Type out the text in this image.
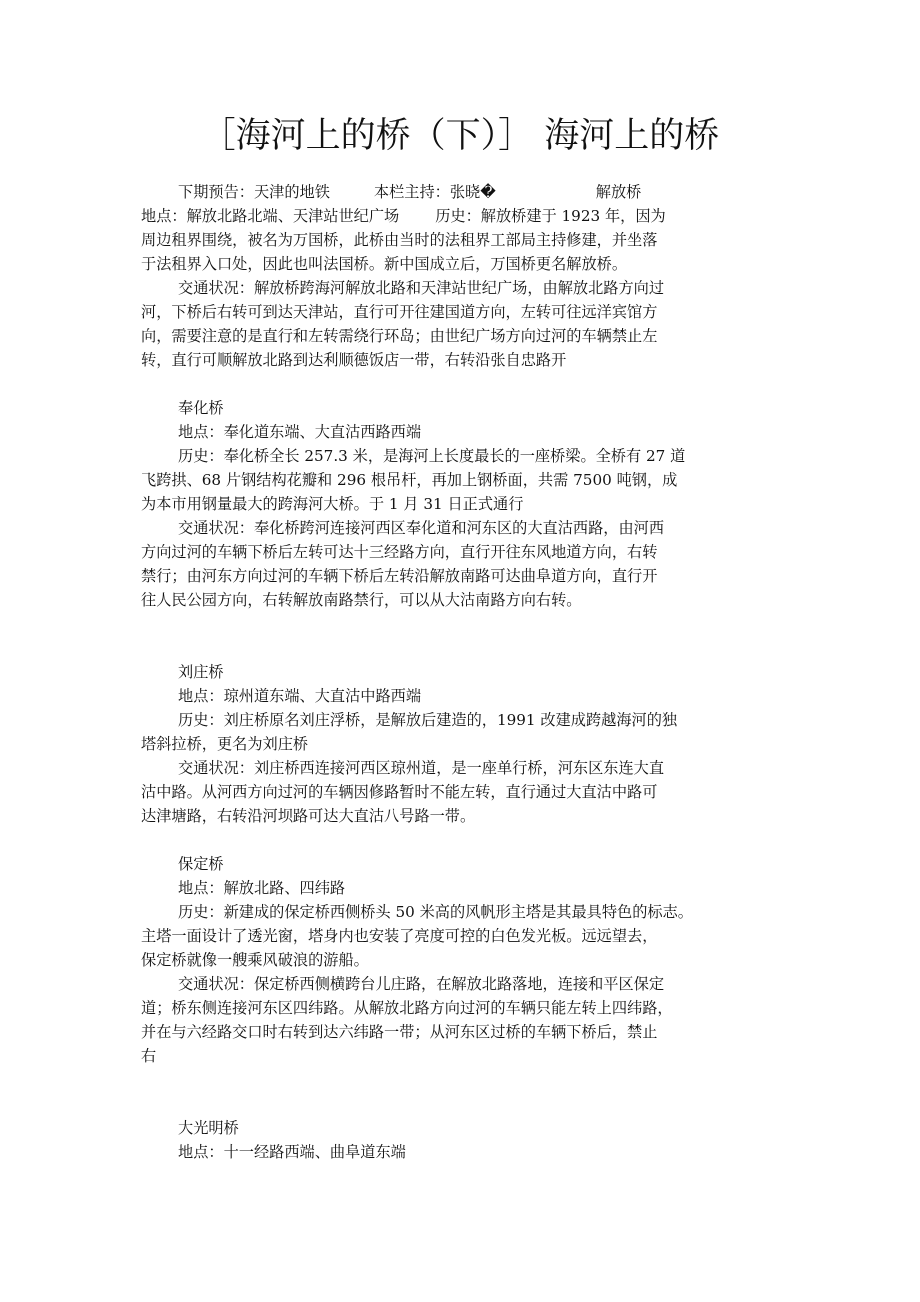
［海河上的桥（下）］ 海河上的桥
下期预告：天津的地铁	本栏主持：张晓�	解放桥
地点：解放北路北端、天津站世纪广场 历史：解放桥建于 1923 年，因为
周边租界围绕，被名为万国桥，此桥由当时的法租界工部局主持修建，并坐落
于法租界入口处，因此也叫法国桥。新中国成立后，万国桥更名解放桥。
交通状况：解放桥跨海河解放北路和天津站世纪广场，由解放北路方向过
河，下桥后右转可到达天津站，直行可开往建国道方向，左转可往远洋宾馆方
向，需要注意的是直行和左转需绕行环岛；由世纪广场方向过河的车辆禁止左
转，直行可顺解放北路到达利顺德饭店一带，右转沿张自忠路开
奉化桥
地点：奉化道东端、大直沽西路西端
历史：奉化桥全长 257.3 米，是海河上长度最长的一座桥梁。全桥有 27 道
飞跨拱、68 片钢结构花瓣和 296 根吊杆，再加上钢桥面，共需 7500 吨钢，成
为本市用钢量最大的跨海河大桥。于 1 月 31 日正式通行
交通状况：奉化桥跨河连接河西区奉化道和河东区的大直沽西路，由河西
方向过河的车辆下桥后左转可达十三经路方向，直行开往东风地道方向，右转
禁行；由河东方向过河的车辆下桥后左转沿解放南路可达曲阜道方向，直行开
往人民公园方向，右转解放南路禁行，可以从大沽南路方向右转。
刘庄桥
地点：琼州道东端、大直沽中路西端
历史：刘庄桥原名刘庄浮桥，是解放后建造的，1991 改建成跨越海河的独
塔斜拉桥，更名为刘庄桥
交通状况：刘庄桥西连接河西区琼州道，是一座单行桥，河东区东连大直
沽中路。从河西方向过河的车辆因修路暂时不能左转，直行通过大直沽中路可
达津塘路，右转沿河坝路可达大直沽八号路一带。
保定桥
地点：解放北路、四纬路
历史：新建成的保定桥西侧桥头 50 米高的风帆形主塔是其最具特色的标志。
主塔一面设计了透光窗，塔身内也安装了亮度可控的白色发光板。远远望去，
保定桥就像一艘乘风破浪的游船。
交通状况：保定桥西侧横跨台儿庄路，在解放北路落地，连接和平区保定
道；桥东侧连接河东区四纬路。从解放北路方向过河的车辆只能左转上四纬路，
并在与六经路交口时右转到达六纬路一带；从河东区过桥的车辆下桥后，禁止
右
大光明桥
地点：十一经路西端、曲阜道东端
